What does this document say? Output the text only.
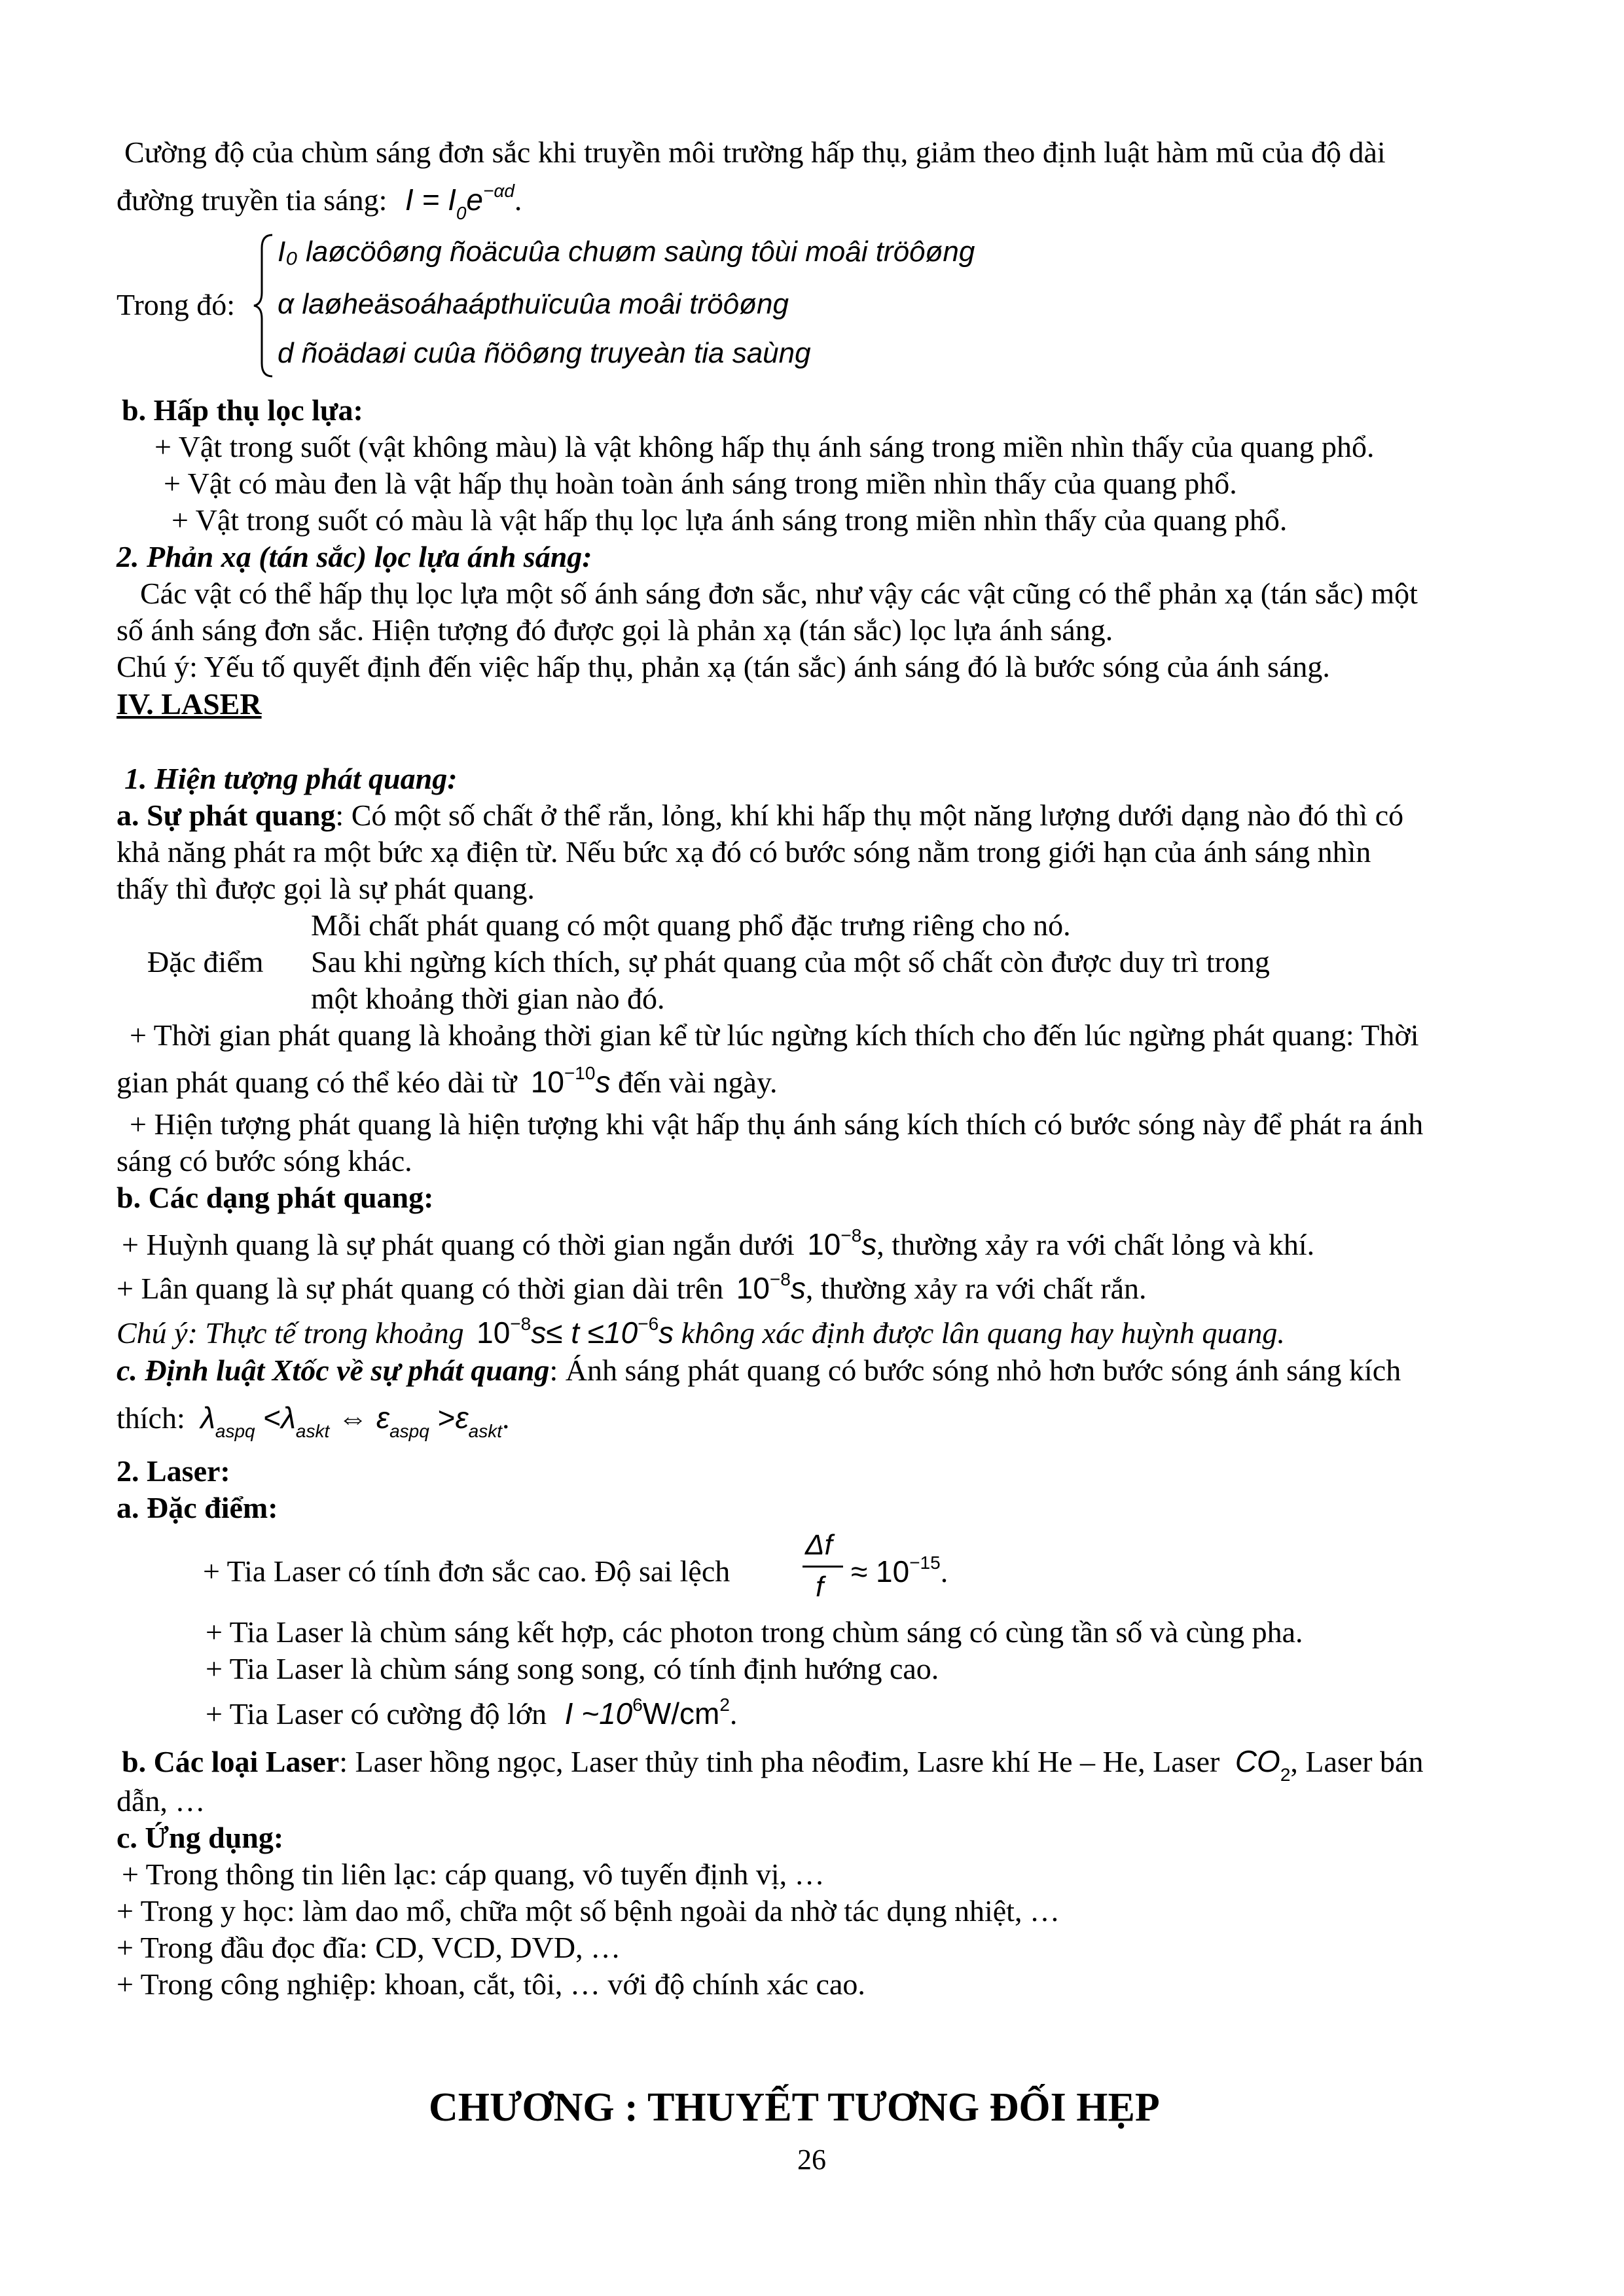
Cường độ của chùm sáng đơn sắc khi truyền môi trường hấp thụ, giảm theo định luật hàm mũ của độ dài
đường truyền tia sáng: $I = I_0e^{-\alpha d}$.
Trong đó:
I₀ laøcöôøng ñoäcuûa chuøm saùng tôùi moâi tröôøng
α laøheäsoáhaápthuïcuûa moâi tröôøng
d ñoädaøi cuûa ñöôøng truyeàn tia saùng
b. Hấp thụ lọc lựa:
+ Vật trong suốt (vật không màu) là vật không hấp thụ ánh sáng trong miền nhìn thấy của quang phổ.
+ Vật có màu đen là vật hấp thụ hoàn toàn ánh sáng trong miền nhìn thấy của quang phổ.
+ Vật trong suốt có màu là vật hấp thụ lọc lựa ánh sáng trong miền nhìn thấy của quang phổ.
2. Phản xạ (tán sắc) lọc lựa ánh sáng:
Các vật có thể hấp thụ lọc lựa một số ánh sáng đơn sắc, như vậy các vật cũng có thể phản xạ (tán sắc) một
số ánh sáng đơn sắc. Hiện tượng đó được gọi là phản xạ (tán sắc) lọc lựa ánh sáng.
Chú ý: Yếu tố quyết định đến việc hấp thụ, phản xạ (tán sắc) ánh sáng đó là bước sóng của ánh sáng.
IV. LASER
1. Hiện tượng phát quang:
a. Sự phát quang: Có một số chất ở thể rắn, lỏng, khí khi hấp thụ một năng lượng dưới dạng nào đó thì có
khả năng phát ra một bức xạ điện từ. Nếu bức xạ đó có bước sóng nằm trong giới hạn của ánh sáng nhìn
thấy thì được gọi là sự phát quang.
Mỗi chất phát quang có một quang phổ đặc trưng riêng cho nó.
Đặc điểm Sau khi ngừng kích thích, sự phát quang của một số chất còn được duy trì trong
một khoảng thời gian nào đó.
+ Thời gian phát quang là khoảng thời gian kể từ lúc ngừng kích thích cho đến lúc ngừng phát quang: Thời
gian phát quang có thể kéo dài từ $10^{-10}s$ đến vài ngày.
+ Hiện tượng phát quang là hiện tượng khi vật hấp thụ ánh sáng kích thích có bước sóng này để phát ra ánh
sáng có bước sóng khác.
b. Các dạng phát quang:
+ Huỳnh quang là sự phát quang có thời gian ngắn dưới $10^{-8}s$, thường xảy ra với chất lỏng và khí.
+ Lân quang là sự phát quang có thời gian dài trên $10^{-8}s$, thường xảy ra với chất rắn.
Chú ý: Thực tế trong khoảng $10^{-8}s\le t \le 10^{-6}s$ không xác định được lân quang hay huỳnh quang.
c. Định luật Xtốc về sự phát quang: Ánh sáng phát quang có bước sóng nhỏ hơn bước sóng ánh sáng kích
thích: $\lambda_{aspq} <\lambda_{askt}$ ⇔ $\varepsilon_{aspq} >\varepsilon_{askt}$.
2. Laser:
a. Đặc điểm:
+ Tia Laser có tính đơn sắc cao. Độ sai lệch
Δf
$f \approx 10^{-15}$.
+ Tia Laser là chùm sáng kết hợp, các photon trong chùm sáng có cùng tần số và cùng pha.
+ Tia Laser là chùm sáng song song, có tính định hướng cao.
+ Tia Laser có cường độ lớn I $\sim 10^6W/cm^2$.
b. Các loại Laser: Laser hồng ngọc, Laser thủy tinh pha nêođim, Lasre khí He – He, Laser $CO_2$, Laser bán
dẫn, …
c. Ứng dụng:
+ Trong thông tin liên lạc: cáp quang, vô tuyến định vị, …
+ Trong y học: làm dao mổ, chữa một số bệnh ngoài da nhờ tác dụng nhiệt, …
+ Trong đầu đọc đĩa: CD, VCD, DVD, …
+ Trong công nghiệp: khoan, cắt, tôi, … với độ chính xác cao.
CHƯƠNG : THUYẾT TƯƠNG ĐỐI HẸP
26
